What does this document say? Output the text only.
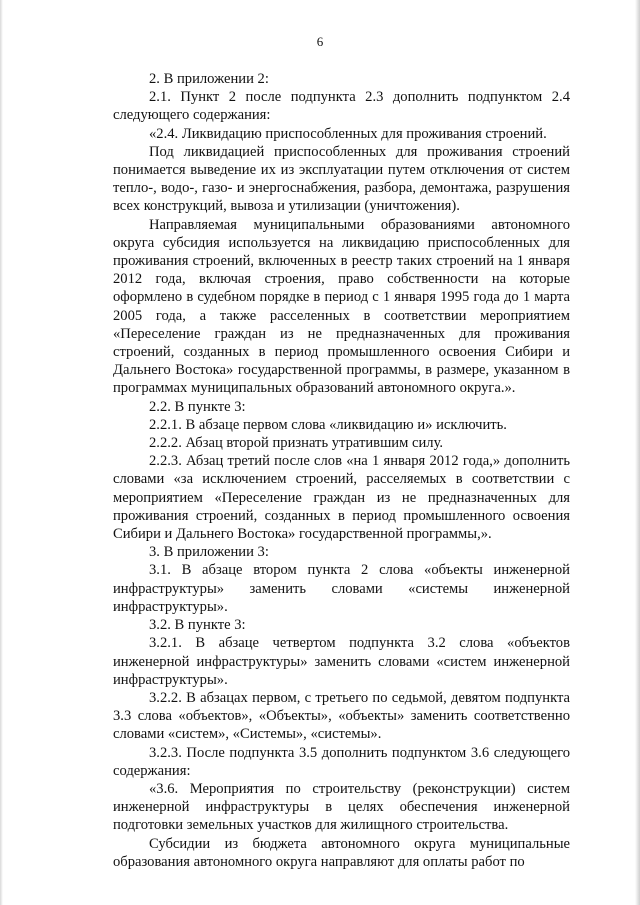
6

2. В приложении 2:

2.1. Пункт 2 после подпункта 2.3 дополнить подпунктом 2.4 следующего содержания:

«2.4. Ликвидацию приспособленных для проживания строений.

Под ликвидацией приспособленных для проживания строений понимается выведение их из эксплуатации путем отключения от систем тепло-, водо-, газо- и энергоснабжения, разбора, демонтажа, разрушения всех конструкций, вывоза и утилизации (уничтожения).

Направляемая муниципальными образованиями автономного округа субсидия используется на ликвидацию приспособленных для проживания строений, включенных в реестр таких строений на 1 января 2012 года, включая строения, право собственности на которые оформлено в судебном порядке в период с 1 января 1995 года до 1 марта 2005 года, а также расселенных в соответствии мероприятием «Переселение граждан из не предназначенных для проживания строений, созданных в период промышленного освоения Сибири и Дальнего Востока» государственной программы, в размере, указанном в программах муниципальных образований автономного округа.».

2.2. В пункте 3:

2.2.1. В абзаце первом слова «ликвидацию и» исключить.

2.2.2. Абзац второй признать утратившим силу.

2.2.3. Абзац третий после слов «на 1 января 2012 года,» дополнить словами «за исключением строений, расселяемых в соответствии с мероприятием «Переселение граждан из не предназначенных для проживания строений, созданных в период промышленного освоения Сибири и Дальнего Востока» государственной программы,».

3. В приложении 3:

3.1. В абзаце втором пункта 2 слова «объекты инженерной инфраструктуры» заменить словами «системы инженерной инфраструктуры».

3.2. В пункте 3:

3.2.1. В абзаце четвертом подпункта 3.2 слова «объектов инженерной инфраструктуры» заменить словами «систем инженерной инфраструктуры».

3.2.2. В абзацах первом, с третьего по седьмой, девятом подпункта 3.3 слова «объектов», «Объекты», «объекты» заменить соответственно словами «систем», «Системы», «системы».

3.2.3. После подпункта 3.5 дополнить подпунктом 3.6 следующего содержания:

«3.6. Мероприятия по строительству (реконструкции) систем инженерной инфраструктуры в целях обеспечения инженерной подготовки земельных участков для жилищного строительства.

Субсидии из бюджета автономного округа муниципальные образования автономного округа направляют для оплаты работ по
